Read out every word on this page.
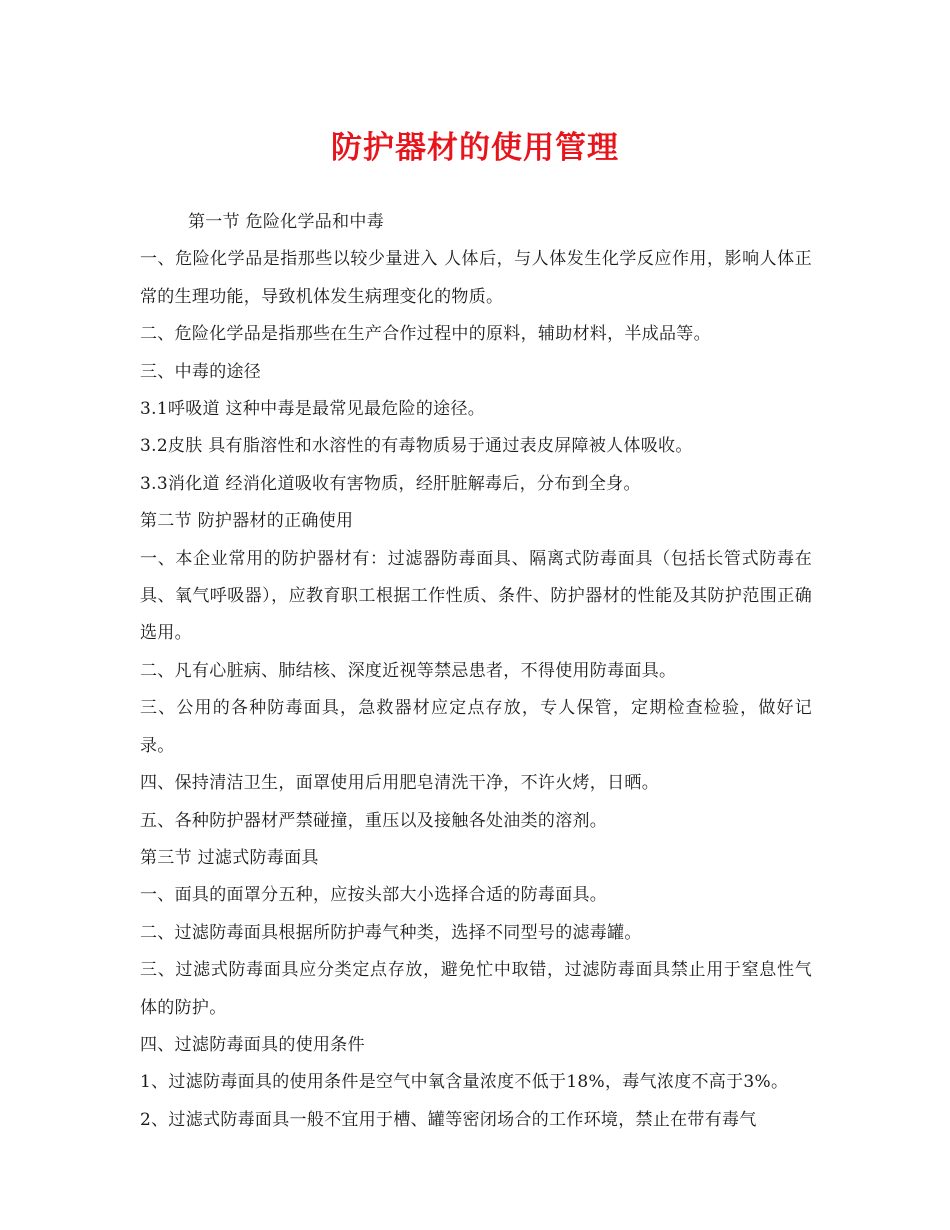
防护器材的使用管理

第一节 危险化学品和中毒

一、危险化学品是指那些以较少量进入 人体后，与人体发生化学反应作用，影响人体正常的生理功能，导致机体发生病理变化的物质。

二、危险化学品是指那些在生产合作过程中的原料，辅助材料，半成品等。

三、中毒的途径

3.1呼吸道 这种中毒是最常见最危险的途径。

3.2皮肤 具有脂溶性和水溶性的有毒物质易于通过表皮屏障被人体吸收。

3.3消化道 经消化道吸收有害物质，经肝脏解毒后，分布到全身。

第二节 防护器材的正确使用

一、本企业常用的防护器材有：过滤器防毒面具、隔离式防毒面具（包括长管式防毒在具、氧气呼吸器），应教育职工根据工作性质、条件、防护器材的性能及其防护范围正确选用。

二、凡有心脏病、肺结核、深度近视等禁忌患者，不得使用防毒面具。

三、公用的各种防毒面具，急救器材应定点存放，专人保管，定期检查检验，做好记录。

四、保持清洁卫生，面罩使用后用肥皂清洗干净，不许火烤，日晒。

五、各种防护器材严禁碰撞，重压以及接触各处油类的溶剂。

第三节 过滤式防毒面具

一、面具的面罩分五种，应按头部大小选择合适的防毒面具。

二、过滤防毒面具根据所防护毒气种类，选择不同型号的滤毒罐。

三、过滤式防毒面具应分类定点存放，避免忙中取错，过滤防毒面具禁止用于窒息性气体的防护。

四、过滤防毒面具的使用条件

1、过滤防毒面具的使用条件是空气中氧含量浓度不低于18%，毒气浓度不高于3%。

2、过滤式防毒面具一般不宜用于槽、罐等密闭场合的工作环境，禁止在带有毒气
